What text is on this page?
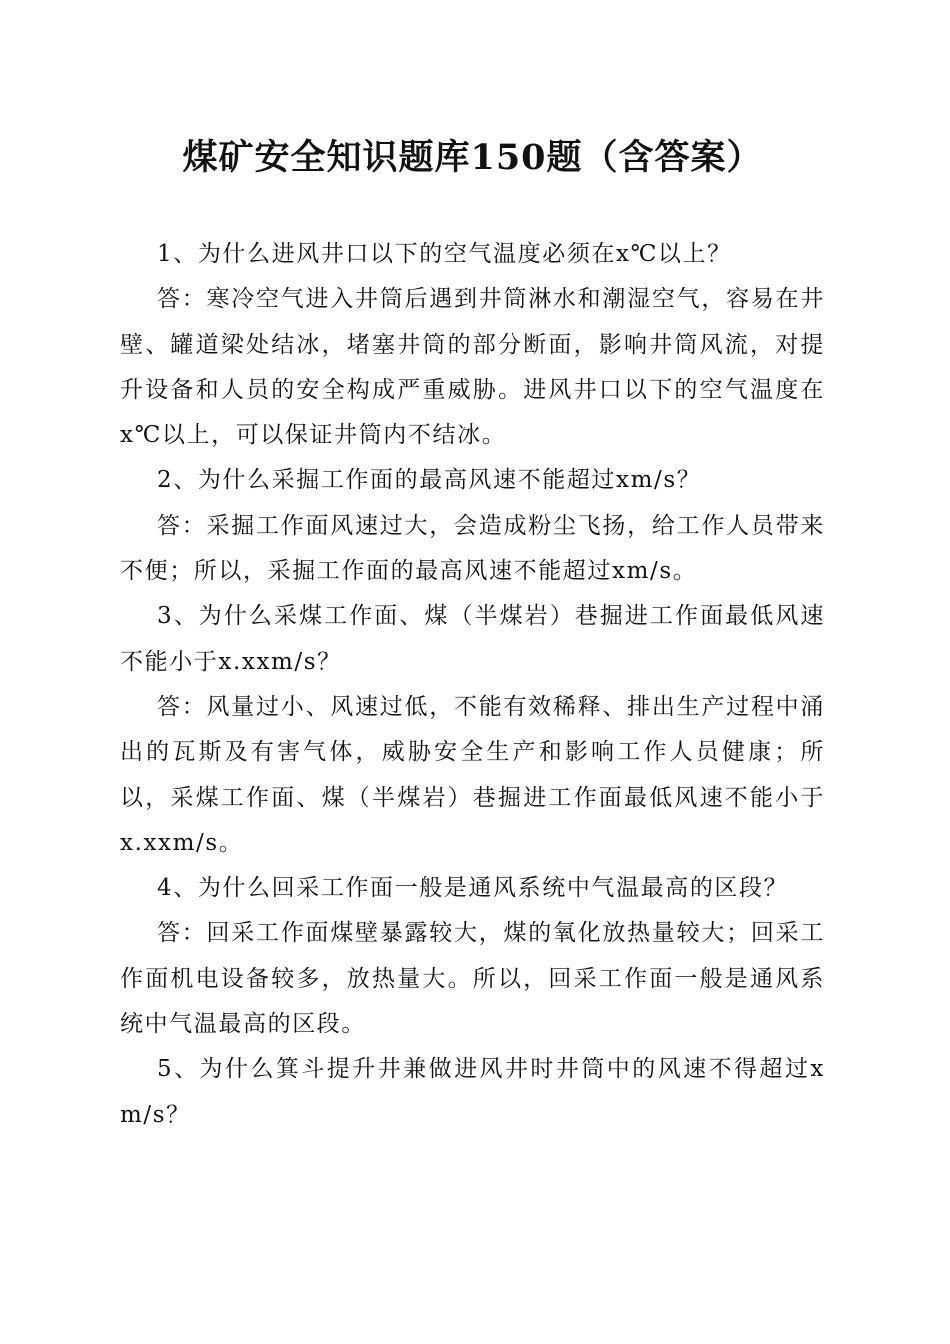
煤矿安全知识题库150题（含答案）

1、为什么进风井口以下的空气温度必须在x℃以上？

答：寒冷空气进入井筒后遇到井筒淋水和潮湿空气，容易在井壁、罐道梁处结冰，堵塞井筒的部分断面，影响井筒风流，对提升设备和人员的安全构成严重威胁。进风井口以下的空气温度在x℃以上，可以保证井筒内不结冰。

2、为什么采掘工作面的最高风速不能超过xm/s？

答：采掘工作面风速过大，会造成粉尘飞扬，给工作人员带来不便；所以，采掘工作面的最高风速不能超过xm/s。

3、为什么采煤工作面、煤（半煤岩）巷掘进工作面最低风速不能小于x.xxm/s？

答：风量过小、风速过低，不能有效稀释、排出生产过程中涌出的瓦斯及有害气体，威胁安全生产和影响工作人员健康；所以，采煤工作面、煤（半煤岩）巷掘进工作面最低风速不能小于x.xxm/s。

4、为什么回采工作面一般是通风系统中气温最高的区段？

答：回采工作面煤壁暴露较大，煤的氧化放热量较大；回采工作面机电设备较多，放热量大。所以，回采工作面一般是通风系统中气温最高的区段。

5、为什么箕斗提升井兼做进风井时井筒中的风速不得超过xm/s？
